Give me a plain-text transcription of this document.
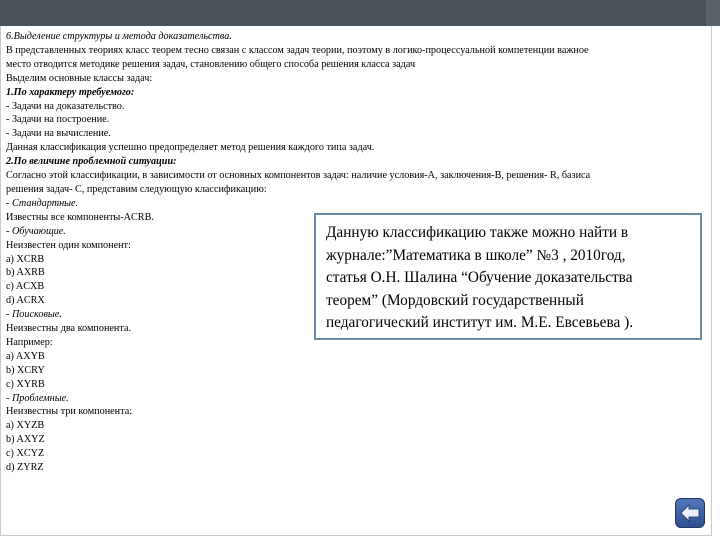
6.Выделение структуры и метода доказательства.
В представленных теориях класс теорем тесно связан с классом задач теории, поэтому в логико-процессуальной компетенции важное
место отводится методике решения задач, становлению общего способа решения класса задач
Выделим основные классы задач:
1.По характеру требуемого:
- Задачи на доказательство.
- Задачи на построение.
- Задачи на вычисление.
Данная классификация успешно предопределяет метод решения каждого типа задач.
2.По величине проблемной ситуации:
Согласно этой классификации, в зависимости от основных компонентов задач: наличие условия-А, заключения-В, решения- R, базиса
решения задач- С, представим следующую классификацию:
- Стандартные.
Известны все компоненты-ACRB.
- Обучающие.
Неизвестен один компонент:
a) XCRB
b) AXRB
c) ACXB
d) ACRX
- Поисковые.
Неизвестны два компонента.
Например:
a) AXYB
b) XCRY
c) XYRB
- Проблемные.
Неизвестны три компонента:
a) XYZB
b) AXYZ
c) XCYZ
d) ZYRZ
Данную классификацию также можно найти в
журнале:”Математика в школе” №3 , 2010год,
статья О.Н. Шалина “Обучение доказательства
теорем” (Мордовский государственный
педагогический институт им. М.Е. Евсевьева ).
